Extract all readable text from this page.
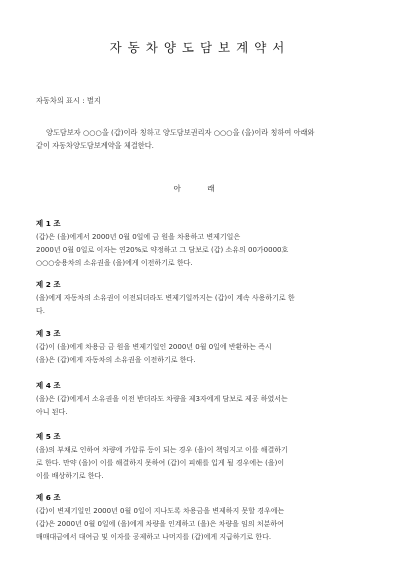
자동차양도담보계약서
자동차의 표시 : 별지
양도담보자 ○○○을 (갑)이라 칭하고 양도담보권리자 ○○○을 (을)이라 칭하여 아래와
같이 자동차양도담보계약을 체결한다.
아 래
제 1 조
(갑)은 (을)에게서 2000년 0월 0일에 금 원을 차용하고 변제기일은
2000년 0월 0일로 이자는 연20%로 약정하고 그 담보로 (갑) 소유의 00가0000호
○○○승용차의 소유권을 (을)에게 이전하기로 한다.
제 2 조
(을)에게 자동차의 소유권이 이전되더라도 변제기일까지는 (갑)이 계속 사용하기로 한
다.
제 3 조
(갑)이 (을)에게 차용금 금 원을 변제기일인 2000년 0월 0일에 반환하는 즉시
(을)은 (갑)에게 자동차의 소유권을 이전하기로 한다.
제 4 조
(을)은 (갑)에게서 소유권을 이전 받더라도 차량을 제3자에게 담보로 제공 하였서는
아니 된다.
제 5 조
(을)의 부채로 인하여 차량에 가압류 등이 되는 경우 (을)이 책임지고 이를 해결하기
로 한다. 만약 (을)이 이를 해결하지 못하여 (갑)이 피해를 입게 될 경우에는 (을)이
이를 배상하기로 한다.
제 6 조
(갑)이 변제기일인 2000년 0월 0일이 지나도록 차용금을 변제하지 못할 경우에는
(갑)은 2000년 0월 0일에 (을)에게 차량을 인계하고 (을)은 차량을 임의 처분하여
매매대금에서 대여금 및 이자를 공제하고 나머지를 (갑)에게 지급하기로 한다.
